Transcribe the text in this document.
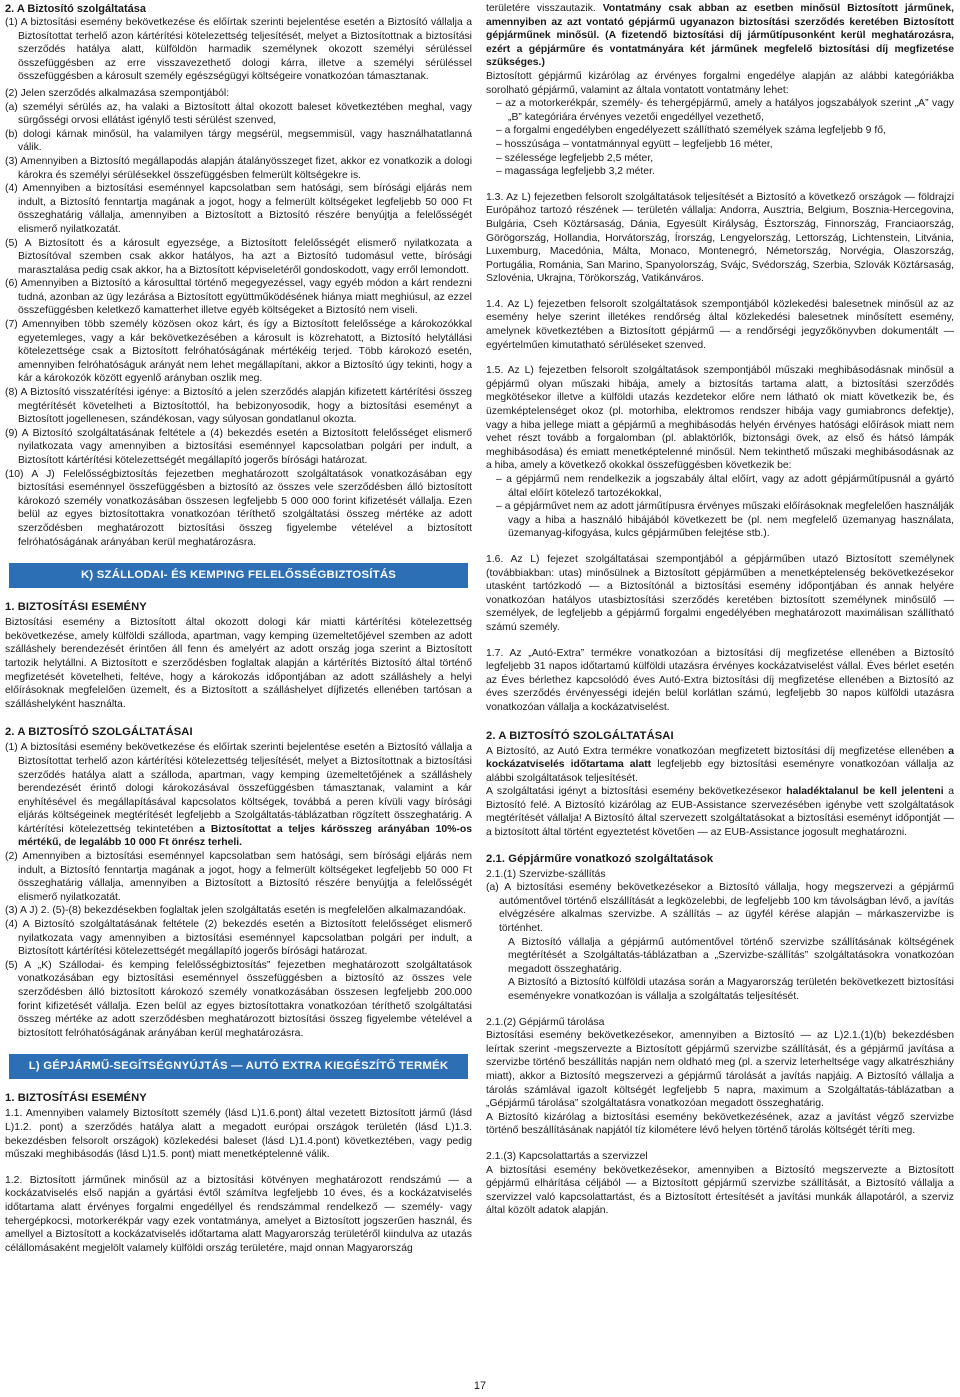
2. A Biztosító szolgáltatása

(1) A biztosítási esemény bekövetkezése és előírtak szerinti bejelentése esetén a Biztosító vállalja a Biztosítottat terhelő azon kártérítési kötelezettség teljesítését, melyet a Biztosítottnak a biztosítási szerződés hatálya alatt, külföldön harmadik személynek okozott személyi sérüléssel összefüggésben az erre visszavezethető dologi kárra, illetve a személyi sérüléssel összefüggésben a károsult személy egészségügyi költségeire vonatkozóan támasztanak.

(2) Jelen szerződés alkalmazása szempontjából:

(a) személyi sérülés az, ha valaki a Biztosított által okozott baleset következtében meghal, vagy sürgősségi orvosi ellátást igénylő testi sérülést szenved,

(b) dologi kárnak minősül, ha valamilyen tárgy megsérül, megsemmisül, vagy használhatatlanná válik.

(3) Amennyiben a Biztosító megállapodás alapján átalányösszeget fizet, akkor ez vonatkozik a dologi károkra és személyi sérülésekkel összefüggésben felmerült költségekre is.

(4) Amennyiben a biztosítási eseménnyel kapcsolatban sem hatósági, sem bírósági eljárás nem indult, a Biztosító fenntartja magának a jogot, hogy a felmerült költségeket legfeljebb 50 000 Ft összeghatárig vállalja, amennyiben a Biztosított a Biztosító részére benyújtja a felelősségét elismerő nyilatkozatát.

(5) A Biztosított és a károsult egyezsége, a Biztosított felelősségét elismerő nyilatkozata a Biztosítóval szemben csak akkor hatályos, ha azt a Biztosító tudomásul vette, bírósági marasztalása pedig csak akkor, ha a Biztosított képviseletéről gondoskodott, vagy erről lemondott.

(6) Amennyiben a Biztosító a károsulttal történő megegyezéssel, vagy egyéb módon a kárt rendezni tudná, azonban az ügy lezárása a Biztosított együttműködésének hiánya miatt meghiúsul, az ezzel összefüggésben keletkező kamatterhet illetve egyéb költségeket a Biztosító nem viseli.

(7) Amennyiben több személy közösen okoz kárt, és így a Biztosított felelőssége a károkozókkal egyetemleges, vagy a kár bekövetkezésében a károsult is közrehatott, a Biztosító helytállási kötelezettsége csak a Biztosított felróhatóságának mértékéig terjed. Több károkozó esetén, amennyiben felróhatóságuk arányát nem lehet megállapítani, akkor a Biztosító úgy tekinti, hogy a kár a károkozók között egyenlő arányban oszlik meg.

(8) A Biztosító visszatérítési igénye: a Biztosító a jelen szerződés alapján kifizetett kártérítési összeg megtérítését követelheti a Biztosítottól, ha bebizonyosodik, hogy a biztosítási eseményt a Biztosított jogellenesen, szándékosan, vagy súlyosan gondatlanul okozta.

(9) A Biztosító szolgáltatásának feltétele a (4) bekezdés esetén a Biztosított felelősséget elismerő nyilatkozata vagy amennyiben a biztosítási eseménnyel kapcsolatban polgári per indult, a Biztosított kártérítési kötelezettségét megállapító jogerős bírósági határozat.

(10) A J) Felelősségbiztosítás fejezetben meghatározott szolgáltatások vonatkozásában egy biztosítási eseménnyel összefüggésben a biztosító az összes vele szerződésben álló biztosított károkozó személy vonatkozásában összesen legfeljebb 5 000 000 forint kifizetését vállalja. Ezen belül az egyes biztosítottakra vonatkozóan téríthető szolgáltatási összeg mértéke az adott szerződésben meghatározott biztosítási összeg figyelembe vételével a biztosított felróhatóságának arányában kerül meghatározásra.

K) SZÁLLODAI- ÉS KEMPING FELELŐSSÉGBIZTOSÍTÁS

1. BIZTOSÍTÁSI ESEMÉNY

Biztosítási esemény a Biztosított által okozott dologi kár miatti kártérítési kötelezettség bekövetkezése, amely külföldi szálloda, apartman, vagy kemping üzemeltetőjével szemben az adott szálláshely berendezését érintően áll fenn és amelyért az adott ország joga szerint a Biztosított tartozik helytállni. A Biztosított e szerződésben foglaltak alapján a kártérítés Biztosító által történő megfizetését követelheti, feltéve, hogy a károkozás időpontjában az adott szálláshely a helyi előírásoknak megfelelően üzemelt, és a Biztosított a szálláshelyet díjfizetés ellenében tartósan a szálláshelyként használta.

2. A BIZTOSÍTÓ SZOLGÁLTATÁSAI

(1) A biztosítási esemény bekövetkezése és előírtak szerinti bejelentése esetén a Biztosító vállalja a Biztosítottat terhelő azon kártérítési kötelezettség teljesítését, melyet a Biztosítottnak a biztosítási szerződés hatálya alatt a szálloda, apartman, vagy kemping üzemeltetőjének a szálláshely berendezését érintő dologi károkozásával összefüggésben támasztanak, valamint a kár enyhítésével és megállapításával kapcsolatos költségek, továbbá a peren kívüli vagy bírósági eljárás költségeinek megtérítését legfeljebb a Szolgáltatás-táblázatban rögzített összeghatárig. A kártérítési kötelezettség tekintetében a Biztosítottat a teljes kárösszeg arányában 10%-os mértékű, de legalább 10 000 Ft önrész terheli.

(2) Amennyiben a biztosítási eseménnyel kapcsolatban sem hatósági, sem bírósági eljárás nem indult, a Biztosító fenntartja magának a jogot, hogy a felmerült költségeket legfeljebb 50 000 Ft összeghatárig vállalja, amennyiben a Biztosított a Biztosító részére benyújtja a felelősségét elismerő nyilatkozatát.

(3) A J) 2. (5)-(8) bekezdésekben foglaltak jelen szolgáltatás esetén is megfelelően alkalmazandóak.

(4) A Biztosító szolgáltatásának feltétele (2) bekezdés esetén a Biztosított felelősséget elismerő nyilatkozata vagy amennyiben a biztosítási eseménnyel kapcsolatban polgári per indult, a Biztosított kártérítési kötelezettségét megállapító jogerős bírósági határozat.

(5) A „K) Szállodai- és kemping felelősségbiztosítás” fejezetben meghatározott szolgáltatások vonatkozásában egy biztosítási eseménnyel összefüggésben a biztosító az összes vele szerződésben álló biztosított károkozó személy vonatkozásában összesen legfeljebb 200.000 forint kifizetését vállalja. Ezen belül az egyes biztosítottakra vonatkozóan téríthető szolgáltatási összeg mértéke az adott szerződésben meghatározott biztosítási összeg figyelembe vételével a biztosított felróhatóságának arányában kerül meghatározásra.

L) GÉPJÁRMŰ-SEGÍTSÉGNYÚJTÁS — AUTÓ EXTRA KIEGÉSZÍTŐ TERMÉK

1. BIZTOSÍTÁSI ESEMÉNY

1.1. Amennyiben valamely Biztosított személy (lásd L)1.6.pont) által vezetett Biztosított jármű (lásd L)1.2. pont) a szerződés hatálya alatt a megadott európai országok területén (lásd L)1.3. bekezdésben felsorolt országok) közlekedési baleset (lásd L)1.4.pont) következtében, vagy pedig műszaki meghibásodás (lásd L)1.5. pont) miatt menetképtelenné válik.

1.2. Biztosított járműnek minősül az a biztosítási kötvényen meghatározott rendszámú — a kockázatviselés első napján a gyártási évtől számítva legfeljebb 10 éves, és a kockázatviselés időtartama alatt érvényes forgalmi engedéllyel és rendszámmal rendelkező — személy- vagy tehergépkocsi, motorkerékpár vagy ezek vontatmánya, amelyet a Biztosított jogszerűen használ, és amellyel a Biztosított a kockázatviselés időtartama alatt Magyarország területéről kiindulva az utazás célállomásaként megjelölt valamely külföldi ország területére, majd onnan Magyarország

területére visszautazik. Vontatmány csak abban az esetben minősül Biztosított járműnek, amennyiben az azt vontató gépjármű ugyanazon biztosítási szerződés keretében Biztosított gépjárműnek minősül. (A fizetendő biztosítási díj járműtípusonként kerül meghatározásra, ezért a gépjárműre és vontatmányára két járműnek megfelelő biztosítási díj megfizetése szükséges.)

Biztosított gépjármű kizárólag az érvényes forgalmi engedélye alapján az alábbi kategóriákba sorolható gépjármű, valamint az általa vontatott vontatmány lehet:

– az a motorkerékpár, személy- és tehergépjármű, amely a hatályos jogszabályok szerint „A” vagy „B” kategóriára érvényes vezetői engedéllyel vezethető,

– a forgalmi engedélyben engedélyezett szállítható személyek száma legfeljebb 9 fő,

– hosszúsága – vontatmánnyal együtt – legfeljebb 16 méter,

– szélessége legfeljebb 2,5 méter,

– magassága legfeljebb 3,2 méter.

1.3. Az L) fejezetben felsorolt szolgáltatások teljesítését a Biztosító a következő országok — földrajzi Európához tartozó részének — területén vállalja: Andorra, Ausztria, Belgium, Bosznia-Hercegovina, Bulgária, Cseh Köztársaság, Dánia, Egyesült Királyság, Észtország, Finnország, Franciaország, Görögország, Hollandia, Horvátország, Írország, Lengyelország, Lettország, Lichtenstein, Litvánia, Luxemburg, Macedónia, Málta, Monaco, Montenegró, Németország, Norvégia, Olaszország, Portugália, Románia, San Marino, Spanyolország, Svájc, Svédország, Szerbia, Szlovák Köztársaság, Szlovénia, Ukrajna, Törökország, Vatikánváros.

1.4. Az L) fejezetben felsorolt szolgáltatások szempontjából közlekedési balesetnek minősül az az esemény helye szerint illetékes rendőrség által közlekedési balesetnek minősített esemény, amelynek következtében a Biztosított gépjármű — a rendőrségi jegyzőkönyvben dokumentált — egyértelműen kimutatható sérüléseket szenved.

1.5. Az L) fejezetben felsorolt szolgáltatások szempontjából műszaki meghibásodásnak minősül a gépjármű olyan műszaki hibája, amely a biztosítás tartama alatt, a biztosítási szerződés megkötésekor illetve a külföldi utazás kezdetekor előre nem látható ok miatt következik be, és üzemképtelenséget okoz (pl. motorhiba, elektromos rendszer hibája vagy gumiabroncs defektje), vagy a hiba jellege miatt a gépjármű a meghibásodás helyén érvényes hatósági előírások miatt nem vehet részt tovább a forgalomban (pl. ablaktörlők, biztonsági övek, az első és hátsó lámpák meghibásodása) és emiatt menetképtelenné minősül. Nem tekinthető műszaki meghibásodásnak az a hiba, amely a következő okokkal összefüggésben következik be:

– a gépjármű nem rendelkezik a jogszabály által előírt, vagy az adott gépjárműtípusnál a gyártó által előírt kötelező tartozékokkal,

– a gépjárművet nem az adott járműtípusra érvényes műszaki előírásoknak megfelelően használják vagy a hiba a használó hibájából következett be (pl. nem megfelelő üzemanyag használata, üzemanyag-kifogyása, kulcs gépjárműben felejtése stb.).

1.6. Az L) fejezet szolgáltatásai szempontjából a gépjárműben utazó Biztosított személynek (továbbiakban: utas) minősülnek a Biztosított gépjárműben a menetképtelenség bekövetkezésekor utasként tartózkodó — a Biztosítónál a biztosítási esemény időpontjában és annak helyére vonatkozóan hatályos utasbiztosítási szerződés keretében biztosított személynek minősülő — személyek, de legfeljebb a gépjármű forgalmi engedélyében meghatározott maximálisan szállítható számú személy.

1.7. Az „Autó-Extra” termékre vonatkozóan a biztosítási díj megfizetése ellenében a Biztosító legfeljebb 31 napos időtartamú külföldi utazásra érvényes kockázatviselést vállal. Éves bérlet esetén az Éves bérlethez kapcsolódó éves Autó-Extra biztosítási díj megfizetése ellenében a Biztosító az éves szerződés érvényességi idején belül korlátlan számú, legfeljebb 30 napos külföldi utazásra vonatkozóan vállalja a kockázatviselést.

2. A BIZTOSÍTÓ SZOLGÁLTATÁSAI

A Biztosító, az Autó Extra termékre vonatkozóan megfizetett biztosítási díj megfizetése ellenében a kockázatviselés időtartama alatt legfeljebb egy biztosítási eseményre vonatkozóan vállalja az alábbi szolgáltatások teljesítését.

A szolgáltatási igényt a biztosítási esemény bekövetkezéseкor haladéktalanul be kell jelenteni a Biztosító felé. A Biztosító kizárólag az EUB-Assistance szervezésében igénybe vett szolgáltatások megtérítését vállalja! A Biztosító által szervezett szolgáltatásokat a biztosítási eseményt időpontját — a biztosított által történt egyeztetést követően — az EUB-Assistance jogosult meghatározni.

2.1. Gépjárműre vonatkozó szolgáltatások

2.1.(1) Szervizbe-szállítás

(a) A biztosítási esemény bekövetkezésekor a Biztosító vállalja, hogy megszervezi a gépjármű autómentővel történő elszállítását a legközelebbi, de legfeljebb 100 km távolságban lévő, a javítás elvégzésére alkalmas szervizbe. A szállítás – az ügyfél kérése alapján – márkaszervizbe is történhet.

A Biztosító vállalja a gépjármű autómentővel történő szervizbe szállításának költségének megtérítését a Szolgáltatás-táblázatban a „Szervizbe-szállítás” szolgáltatásokra vonatkozóan megadott összeghatárig.

A Biztosító a Biztosító külföldi utazása során a Magyarország területén bekövetkezett biztosítási eseményekre vonatkozóan is vállalja a szolgáltatás teljesítését.

2.1.(2) Gépjármű tárolása

Biztosítási esemény bekövetkezésekor, amennyiben a Biztosító — az L)2.1.(1)(b) bekezdésben leírtak szerint -megszervezte a Biztosított gépjármű szervizbe szállítását, és a gépjármű javítása a szervizbe történő beszállítás napján nem oldható meg (pl. a szerviz leterheltsége vagy alkatrészhiány miatt), akkor a Biztosító megszervezi a gépjármű tárolását a javítás napjáig. A Biztosító vállalja a tárolás számlával igazolt költségét legfeljebb 5 napra, maximum a Szolgáltatás-táblázatban a „Gépjármű tárolása” szolgáltatásra vonatkozóan megadott összeghatárig.

A Biztosító kizárólag a biztosítási esemény bekövetkezésének, azaz a javítást végző szervizbe történő beszállításának napjától tíz kilométere lévő helyen történő tárolás költségét téríti meg.

2.1.(3) Kapcsolattartás a szervizzel

A biztosítási esemény bekövetkezésekor, amennyiben a Biztosító megszervezte a Biztosított gépjármű elhárítása céljából — a Biztosított gépjármű szervizbe szállítását, a Biztosító vállalja a szervizzel való kapcsolattartást, és a Biztosított értesítését a javítási munkák állapotáról, a szerviz által közölt adatok alapján.

17
